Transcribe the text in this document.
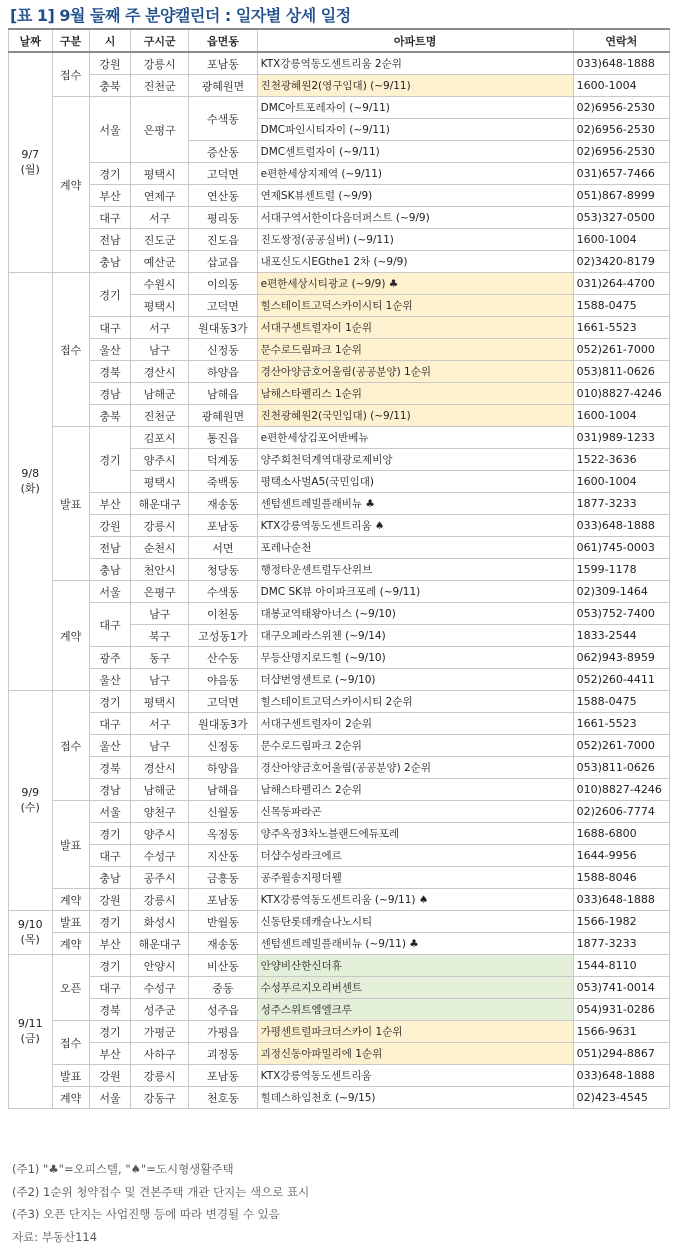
[표 1] 9월 둘째 주 분양캘린더 : 일자별 상세 일정
날짜	구분	시	구시군	읍면동	아파트명	연락처
9/7
(월)	접수	강원	강릉시	포남동	KTX강릉역동도센트리움 2순위	033)648-1888
		충북	진천군	광혜원면	진천광혜원2(영구임대) (~9/11)	1600-1004
	계약	서울	은평구	수색동	DMC아트포레자이 (~9/11)	02)6956-2530
					DMC파인시티자이 (~9/11)	02)6956-2530
				증산동	DMC센트럴자이 (~9/11)	02)6956-2530
		경기	평택시	고덕면	e편한세상지제역 (~9/11)	031)657-7466
		부산	연제구	연산동	연제SK뷰센트럴 (~9/9)	051)867-8999
		대구	서구	평리동	서대구역서한이다음더퍼스트 (~9/9)	053)327-0500
		전남	진도군	진도읍	진도쌍정(공공실버) (~9/11)	1600-1004
		충남	예산군	삽교읍	내포신도시EGthe1 2차 (~9/9)	02)3420-8179
9/8
(화)	접수	경기	수원시	이의동	e편한세상시티광교 (~9/9) ♣	031)264-4700
			평택시	고덕면	힐스테이트고덕스카이시티 1순위	1588-0475
		대구	서구	원대동3가	서대구센트럴자이 1순위	1661-5523
		울산	남구	신정동	문수로드림파크 1순위	052)261-7000
		경북	경산시	하양읍	경산아양금호어울림(공공분양) 1순위	053)811-0626
		경남	남해군	남해읍	남해스타펠리스 1순위	010)8827-4246
		충북	진천군	광혜원면	진천광혜원2(국민임대) (~9/11)	1600-1004
	발표	경기	김포시	통진읍	e편한세상김포어반베뉴	031)989-1233
			양주시	덕계동	양주회천덕계역대광로제비앙	1522-3636
			평택시	죽백동	평택소사벌A5(국민임대)	1600-1004
		부산	해운대구	재송동	센텀센트레빌플래비뉴 ♣	1877-3233
		강원	강릉시	포남동	KTX강릉역동도센트리움 ♠	033)648-1888
		전남	순천시	서면	포레나순천	061)745-0003
		충남	천안시	청당동	행정타운센트럴두산위브	1599-1178
	계약	서울	은평구	수색동	DMC SK뷰 아이파크포레 (~9/11)	02)309-1464
		대구	남구	이천동	대봉교역태왕아너스 (~9/10)	053)752-7400
			북구	고성동1가	대구오페라스위첸 (~9/14)	1833-2544
		광주	동구	산수동	무등산명지로드힐 (~9/10)	062)943-8959
		울산	남구	야음동	더샵번영센트로 (~9/10)	052)260-4411
9/9
(수)	접수	경기	평택시	고덕면	힐스테이트고덕스카이시티 2순위	1588-0475
		대구	서구	원대동3가	서대구센트럴자이 2순위	1661-5523
		울산	남구	신정동	문수로드림파크 2순위	052)261-7000
		경북	경산시	하양읍	경산아양금호어울림(공공분양) 2순위	053)811-0626
		경남	남해군	남해읍	남해스타펠리스 2순위	010)8827-4246
	발표	서울	양천구	신월동	신목동파라곤	02)2606-7774
		경기	양주시	옥정동	양주옥정3차노블랜드에듀포레	1688-6800
		대구	수성구	지산동	더샵수성라크에르	1644-9956
		충남	공주시	금흥동	공주월송지평더웰	1588-8046
	계약	강원	강릉시	포남동	KTX강릉역동도센트리움 (~9/11) ♠	033)648-1888
9/10
(목)	발표	경기	화성시	반월동	신동탄롯데캐슬나노시티	1566-1982
	계약	부산	해운대구	재송동	센텀센트레빌플래비뉴 (~9/11) ♣	1877-3233
9/11
(금)	오픈	경기	안양시	비산동	안양비산한신더휴	1544-8110
		대구	수성구	중동	수성푸르지오리버센트	053)741-0014
		경북	성주군	성주읍	성주스위트엠엘크루	054)931-0286
	접수	경기	가평군	가평읍	가평센트럴파크더스카이 1순위	1566-9631
		부산	사하구	괴정동	괴정신동아파밀리에 1순위	051)294-8867
	발표	강원	강릉시	포남동	KTX강릉역동도센트리움	033)648-1888
	계약	서울	강동구	천호동	힐데스하임천호 (~9/15)	02)423-4545
(주1) "♣"=오피스텔, "♠"=도시형생활주택
(주2) 1순위 청약접수 및 견본주택 개관 단지는 색으로 표시
(주3) 오픈 단지는 사업진행 등에 따라 변경될 수 있음
자료: 부동산114
